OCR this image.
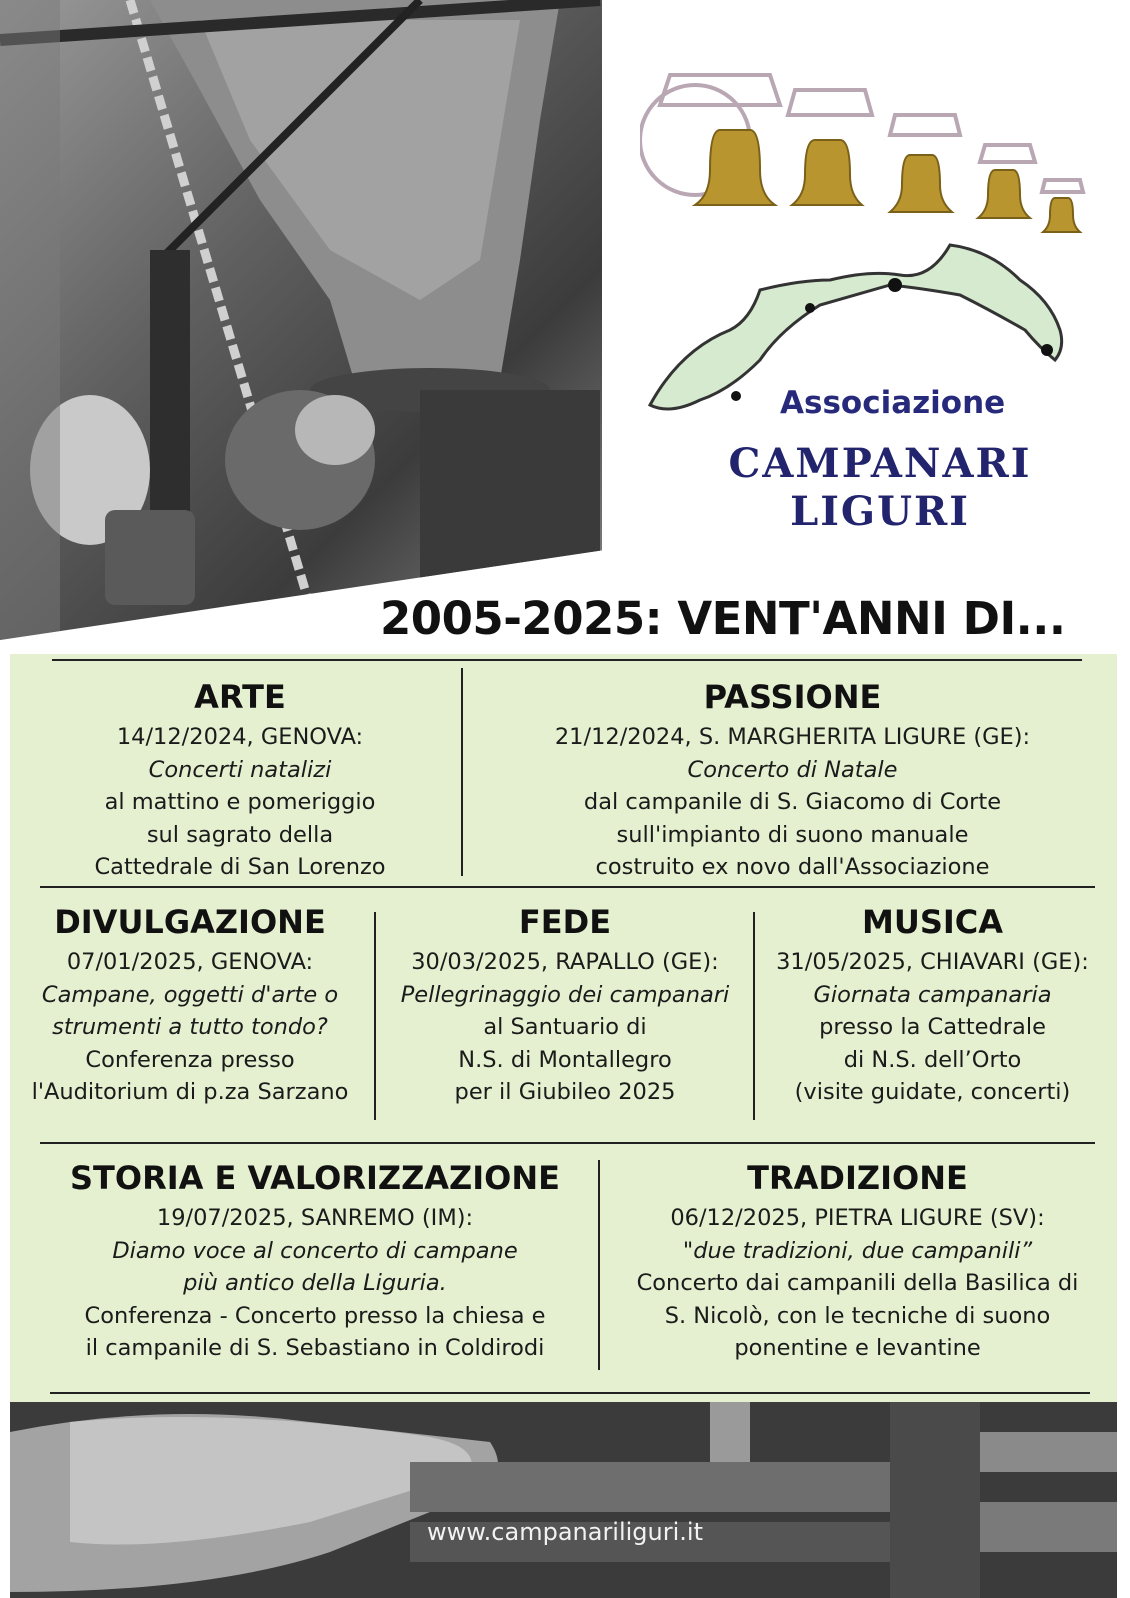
Associazione
CAMPANARI
LIGURI
2005-2025: VENT'ANNI DI...
ARTE
14/12/2024, GENOVA:
Concerti natalizi
al mattino e pomeriggio
sul sagrato della
Cattedrale di San Lorenzo
PASSIONE
21/12/2024, S. MARGHERITA LIGURE (GE):
Concerto di Natale
dal campanile di S. Giacomo di Corte
sull'impianto di suono manuale
costruito ex novo dall'Associazione
DIVULGAZIONE
07/01/2025, GENOVA:
Campane, oggetti d'arte o
strumenti a tutto tondo?
Conferenza presso
l'Auditorium di p.za Sarzano
FEDE
30/03/2025, RAPALLO (GE):
Pellegrinaggio dei campanari
al Santuario di
N.S. di Montallegro
per il Giubileo 2025
MUSICA
31/05/2025, CHIAVARI (GE):
Giornata campanaria
presso la Cattedrale
di N.S. dell’Orto
(visite guidate, concerti)
STORIA E VALORIZZAZIONE
19/07/2025, SANREMO (IM):
Diamo voce al concerto di campane
più antico della Liguria.
Conferenza - Concerto presso la chiesa e
il campanile di S. Sebastiano in Coldirodi
TRADIZIONE
06/12/2025, PIETRA LIGURE (SV):
"due tradizioni, due campanili”
Concerto dai campanili della Basilica di
S. Nicolò, con le tecniche di suono
ponentine e levantine
www.campanariliguri.it
